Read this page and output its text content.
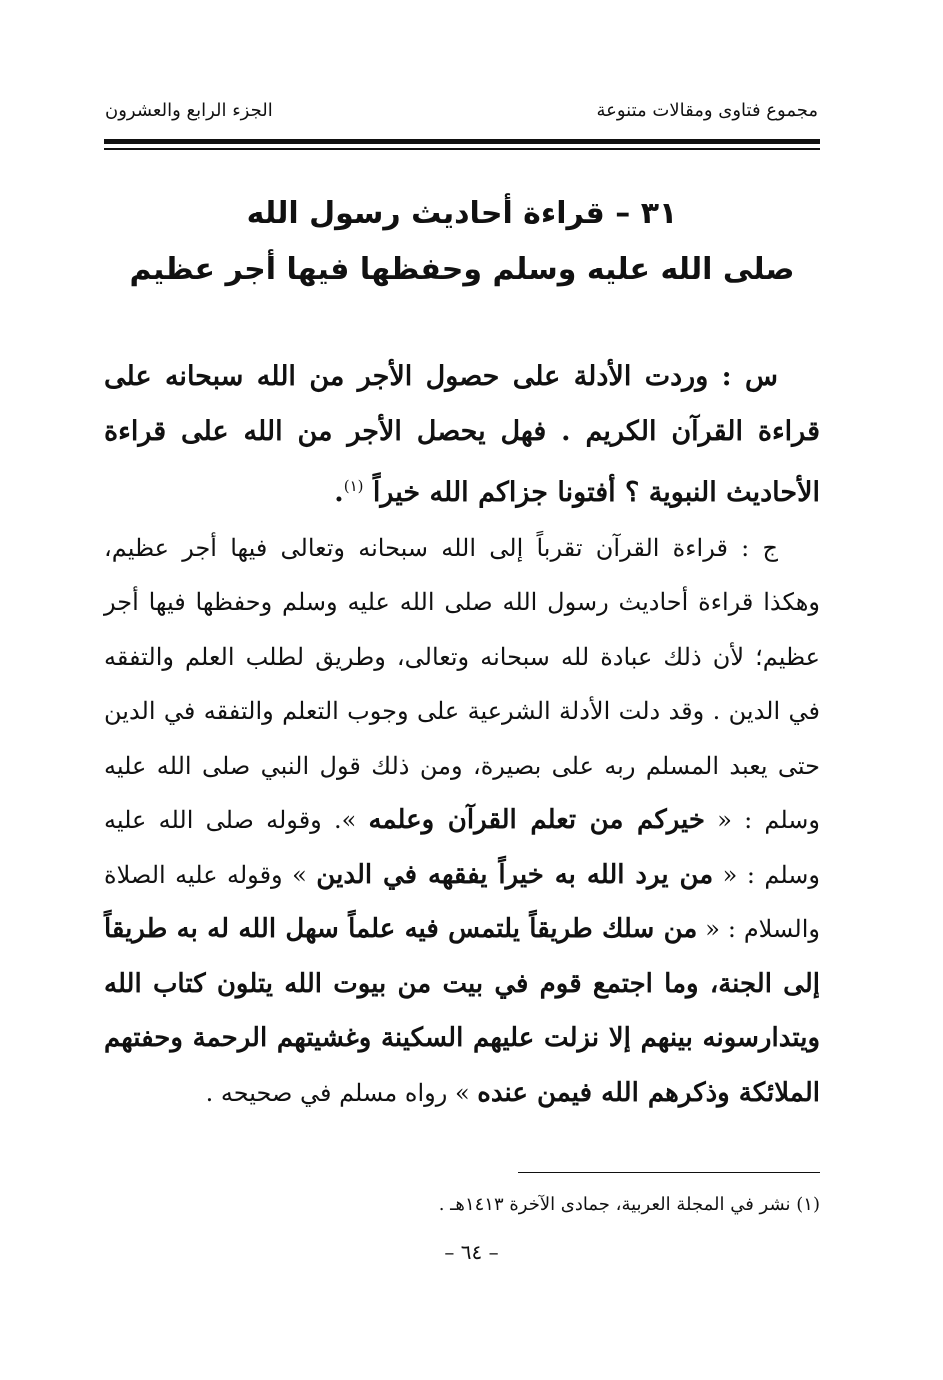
مجموع فتاوى ومقالات متنوعة
الجزء الرابع والعشرون
٣١ – قراءة أحاديث رسول الله
صلى الله عليه وسلم وحفظها فيها أجر عظيم

س : وردت الأدلة على حصول الأجر من الله سبحانه على قراءة القرآن الكريم . فهل يحصل الأجر من الله على قراءة الأحاديث النبوية ؟ أفتونا جزاكم الله خيراً $^{(١)}$.

ج : قراءة القرآن تقرباً إلى الله سبحانه وتعالى فيها أجر عظيم، وهكذا قراءة أحاديث رسول الله صلى الله عليه وسلم وحفظها فيها أجر عظيم؛ لأن ذلك عبادة لله سبحانه وتعالى، وطريق لطلب العلم والتفقه في الدين . وقد دلت الأدلة الشرعية على وجوب التعلم والتفقه في الدين حتى يعبد المسلم ربه على بصيرة، ومن ذلك قول النبي صلى الله عليه وسلم : « خيركم من تعلم القرآن وعلمه ». وقوله صلى الله عليه وسلم : « من يرد الله به خيراً يفقهه في الدين » وقوله عليه الصلاة والسلام : « من سلك طريقاً يلتمس فيه علماً سهل الله له به طريقاً إلى الجنة، وما اجتمع قوم في بيت من بيوت الله يتلون كتاب الله ويتدارسونه بينهم إلا نزلت عليهم السكينة وغشيتهم الرحمة وحفتهم الملائكة وذكرهم الله فيمن عنده » رواه مسلم في صحيحه .

(١) نشر في المجلة العربية، جمادى الآخرة ١٤١٣هـ .
– ٦٤ –
